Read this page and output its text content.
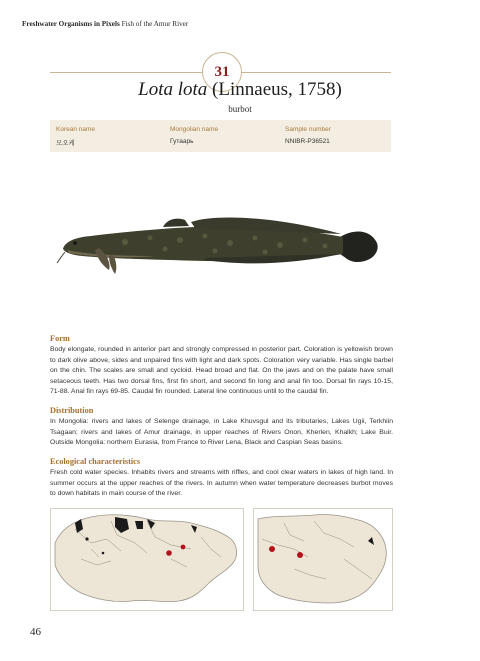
Freshwater Organisms in Pixels Fish of the Amur River
31
Lota lota (Linnaeus, 1758)
burbot
Korean name
모오케
Mongolian name
Гутаарь
Sample number
NNIBR-P36521
Form
Body elongate, rounded in anterior part and strongly compressed in posterior part. Coloration is yellowish brown to dark olive above, sides and unpaired fins with light and dark spots. Coloration very variable. Has single barbel on the chin. The scales are small and cycloid. Head broad and flat. On the jaws and on the palate have small setaceous teeth. Has two dorsal fins, first fin short, and second fin long and anal fin too. Dorsal fin rays 10-15, 71-88. Anal fin rays 69-85. Caudal fin rounded. Lateral line continuous until to the caudal fin.
Distribution
In Mongolia: rivers and lakes of Selenge drainage, in Lake Khuvsgul and its tributaries, Lakes Ugii, Terkhiin Tsagaan; rivers and lakes of Amur drainage, in upper reaches of Rivers Onon, Kherlen, Khalkh; Lake Buir. Outside Mongolia: northern Eurasia, from France to River Lena, Black and Caspian Seas basins.
Ecological characteristics
Fresh cold water species. Inhabits rivers and streams with riffles, and cool clear waters in lakes of high land. In summer occurs at the upper reaches of the rivers. In autumn when water temperature decreases burbot moves to down habitats in main course of the river.
46
